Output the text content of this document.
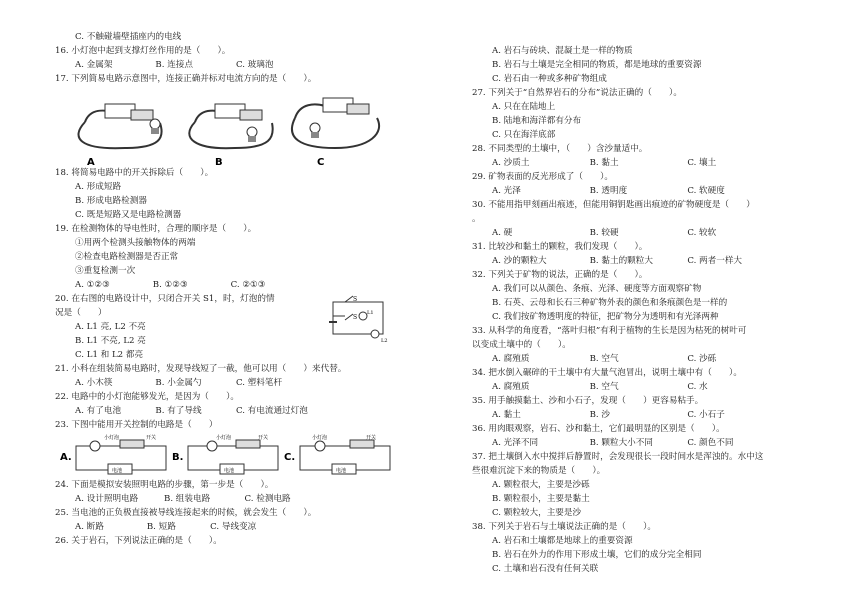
C. 不触碰墙壁插座内的电线
16. 小灯泡中起到支撑灯丝作用的是（　　）。
A. 金属架　　　　　B. 连接点　　　　　C. 玻璃泡
17. 下列简易电路示意图中，连接正确并标对电流方向的是（　　）。
18. 将简易电路中的开关拆除后（　　）。
A. 形成短路
B. 形成电路检测器
C. 既是短路又是电路检测器
19. 在检测物体的导电性时，合理的顺序是（　　）。
①用两个检测头接触物体的两端
②检查电路检测器是否正常
③重复检测一次
A. ①②③　　　　　B. ①②③　　　　　C. ②①③
20. 在右图的电路设计中，只闭合开关 S1，时，灯泡的情
况是（　　）
A. L1 亮, L2 不亮
B. L1 不亮, L2 亮
C. L1 和 L2 都亮
21. 小科在组装简易电路时，发现导线短了一截，他可以用（　　）来代替。
A. 小木筷　　　　　B. 小金属勺　　　　C. 塑料笔杆
22. 电路中的小灯泡能够发光，是因为（　　）。
A. 有了电池　　　　B. 有了导线　　　　C. 有电流通过灯泡
23. 下图中能用开关控制的电路是（　　）
24. 下面是模拟安装照明电路的步骤，第一步是（　　）。
A. 设计照明电路　　　B. 组装电路　　　　C. 检测电路
25. 当电池的正负极直接被导线连接起来的时候，就会发生（　　）。
A. 断路　　　　　B. 短路　　　　C. 导线变凉
26. 关于岩石，下列说法正确的是（　　）。
A	B	C
S
S
L1
L2
A.
小灯泡	开关
电池
B.
小灯泡	开关
电池
C.
小灯泡	开关
电池
A. 岩石与砖块、混凝土是一样的物质
B. 岩石与土壤是完全相同的物质，都是地球的重要资源
C. 岩石由一种或多种矿物组成
27. 下列关于“自然界岩石的分布”说法正确的（　　）。
A. 只在在陆地上
B. 陆地和海洋都有分布
C. 只在海洋底部
28. 不同类型的土壤中，（　　）含沙量适中。
A. 沙质土　　　　　　　B. 黏土　　　　　　　　C. 壤土
29. 矿物表面的反光形成了（　　）。
A. 光泽　　　　　　　　B. 透明度　　　　　　　C. 软硬度
30. 不能用指甲刻画出痕迹，但能用铜钥匙画出痕迹的矿物硬度是（　　）
。
A. 硬　　　　　　　　　B. 较硬　　　　　　　　C. 较软
31. 比较沙和黏土的颗粒，我们发现（　　）。
A. 沙的颗粒大　　　　　B. 黏土的颗粒大　　　　C. 两者一样大
32. 下列关于矿物的说法，正确的是（　　）。
A. 我们可以从颜色、条痕、光泽、硬度等方面观察矿物
B. 石英、云母和长石三种矿物外表的颜色和条痕颜色是一样的
C. 我们按矿物透明度的特征，把矿物分为透明和有光泽两种
33. 从科学的角度看，“落叶归根”有利于植物的生长是因为枯死的树叶可
以变成土壤中的（　　）。
A. 腐殖质　　　　　　　B. 空气　　　　　　　　C. 沙砾
34. 把水倒入碾碎的干土壤中有大量气泡冒出，说明土壤中有（　　）。
A. 腐殖质　　　　　　　B. 空气　　　　　　　　C. 水
35. 用手触摸黏土、沙和小石子，发现（　　）更容易粘手。
A. 黏土　　　　　　　　B. 沙　　　　　　　　　C. 小石子
36. 用肉眼观察，岩石、沙和黏土，它们最明显的区别是（　　）。
A. 光泽不同　　　　　　B. 颗粒大小不同　　　　C. 颜色不同
37. 把土壤倒入水中搅拌后静置时，会发现很长一段时间水是浑浊的。水中这
些很难沉淀下来的物质是（　　）。
A. 颗粒很大，主要是沙砾
B. 颗粒很小，主要是黏土
C. 颗粒较大，主要是沙
38. 下列关于岩石与土壤说法正确的是（　　）。
A. 岩石和土壤都是地球上的重要资源
B. 岩石在外力的作用下形成土壤，它们的成分完全相同
C. 土壤和岩石没有任何关联
